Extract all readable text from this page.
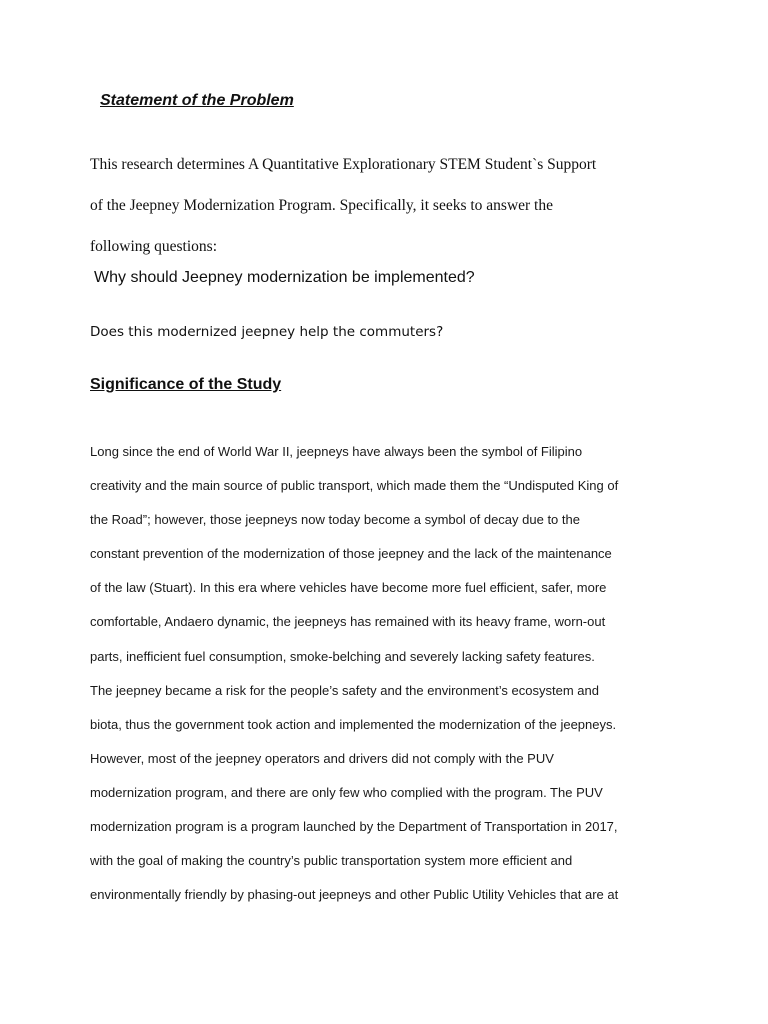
Statement of the Problem

This research determines A Quantitative Explorationary STEM Student`s Support
of the Jeepney Modernization Program. Specifically, it seeks to answer the
following questions:

Why should Jeepney modernization be implemented?

Does this modernized jeepney help the commuters?

Significance of the Study
Long since the end of World War II, jeepneys have always been the symbol of Filipino
creativity and the main source of public transport, which made them the “Undisputed King of
the Road”; however, those jeepneys now today become a symbol of decay due to the
constant prevention of the modernization of those jeepney and the lack of the maintenance
of the law (Stuart). In this era where vehicles have become more fuel efficient, safer, more
comfortable, Andaero dynamic, the jeepneys has remained with its heavy frame, worn-out
parts, inefficient fuel consumption, smoke-belching and severely lacking safety features.
The jeepney became a risk for the people’s safety and the environment’s ecosystem and
biota, thus the government took action and implemented the modernization of the jeepneys.
However, most of the jeepney operators and drivers did not comply with the PUV
modernization program, and there are only few who complied with the program. The PUV
modernization program is a program launched by the Department of Transportation in 2017,
with the goal of making the country’s public transportation system more efficient and
environmentally friendly by phasing-out jeepneys and other Public Utility Vehicles that are at
